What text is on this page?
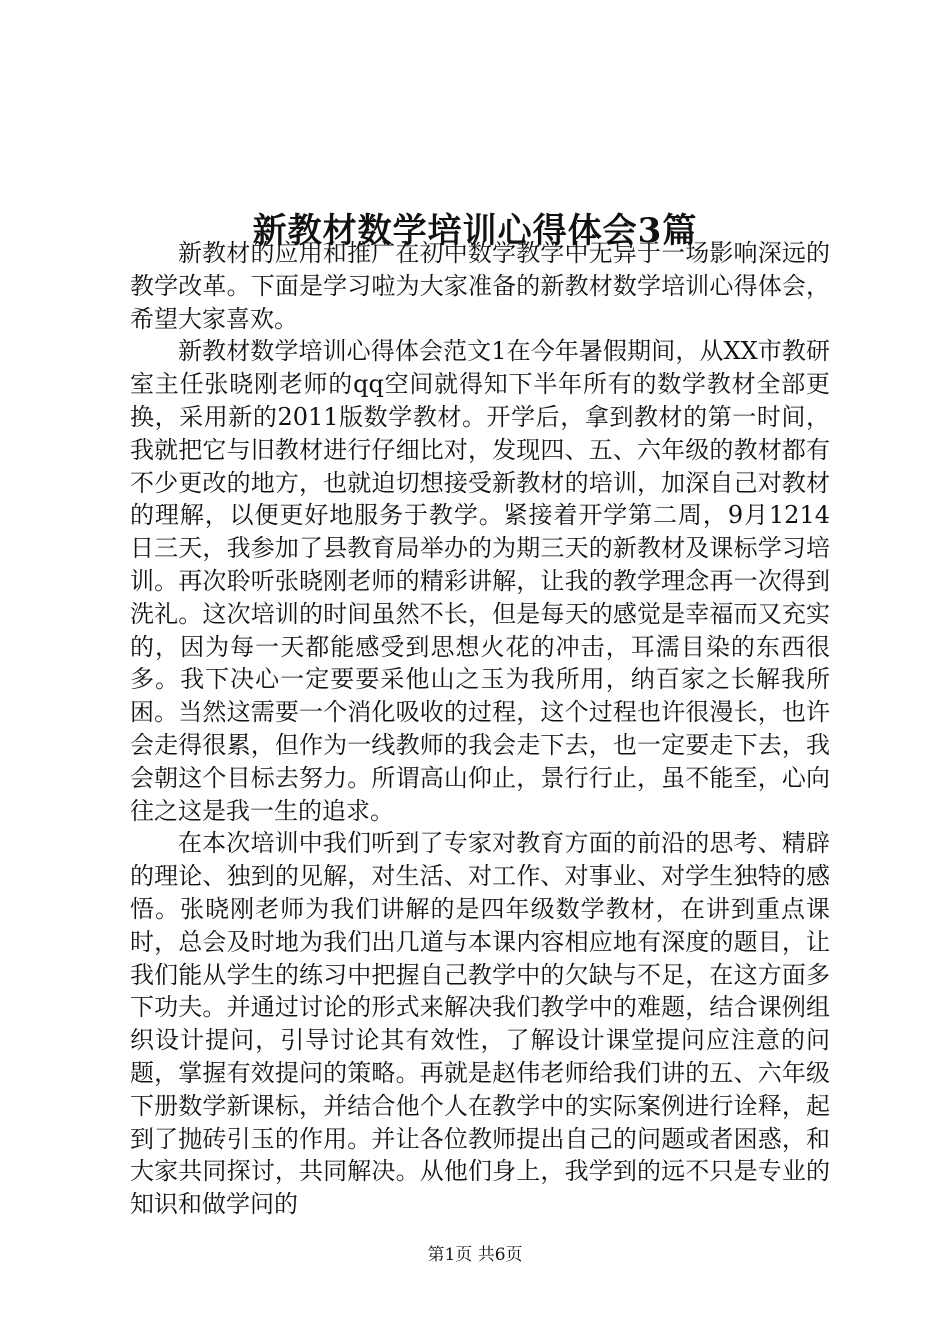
新教材数学培训心得体会3篇

新教材的应用和推广在初中数学教学中无异于一场影响深远的教学改革。下面是学习啦为大家准备的新教材数学培训心得体会，希望大家喜欢。

新教材数学培训心得体会范文1在今年暑假期间，从XX市教研室主任张晓刚老师的qq空间就得知下半年所有的数学教材全部更换，采用新的2011版数学教材。开学后，拿到教材的第一时间，我就把它与旧教材进行仔细比对，发现四、五、六年级的教材都有不少更改的地方，也就迫切想接受新教材的培训，加深自己对教材的理解，以便更好地服务于教学。紧接着开学第二周，9月1214日三天，我参加了县教育局举办的为期三天的新教材及课标学习培训。再次聆听张晓刚老师的精彩讲解，让我的教学理念再一次得到洗礼。这次培训的时间虽然不长，但是每天的感觉是幸福而又充实的，因为每一天都能感受到思想火花的冲击，耳濡目染的东西很多。我下决心一定要要采他山之玉为我所用，纳百家之长解我所困。当然这需要一个消化吸收的过程，这个过程也许很漫长，也许会走得很累，但作为一线教师的我会走下去，也一定要走下去，我会朝这个目标去努力。所谓高山仰止，景行行止，虽不能至，心向往之这是我一生的追求。

在本次培训中我们听到了专家对教育方面的前沿的思考、精辟的理论、独到的见解，对生活、对工作、对事业、对学生独特的感悟。张晓刚老师为我们讲解的是四年级数学教材，在讲到重点课时，总会及时地为我们出几道与本课内容相应地有深度的题目，让我们能从学生的练习中把握自己教学中的欠缺与不足，在这方面多下功夫。并通过讨论的形式来解决我们教学中的难题，结合课例组织设计提问，引导讨论其有效性，了解设计课堂提问应注意的问题，掌握有效提问的策略。再就是赵伟老师给我们讲的五、六年级下册数学新课标，并结合他个人在教学中的实际案例进行诠释，起到了抛砖引玉的作用。并让各位教师提出自己的问题或者困惑，和大家共同探讨，共同解决。从他们身上，我学到的远不只是专业的知识和做学问的

第1页 共6页
